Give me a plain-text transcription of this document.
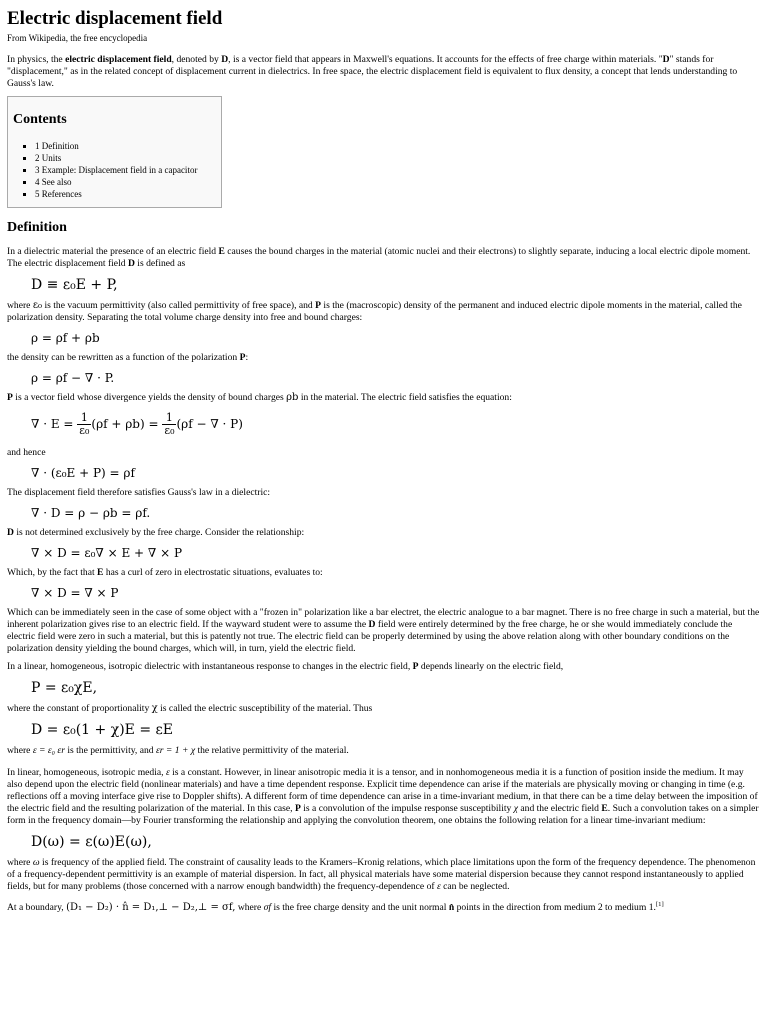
Electric displacement field
From Wikipedia, the free encyclopedia

In physics, the electric displacement field, denoted by D, is a vector field that appears in Maxwell's equations. It accounts for the effects of free charge within materials. "D" stands for "displacement," as in the related concept of displacement current in dielectrics. In free space, the electric displacement field is equivalent to flux density, a concept that lends understanding to Gauss's law.

Contents
▪ 1 Definition
▪ 2 Units
▪ 3 Example: Displacement field in a capacitor
▪ 4 See also
▪ 5 References
Definition

In a dielectric material the presence of an electric field E causes the bound charges in the material (atomic nuclei and their electrons) to slightly separate, inducing a local electric dipole moment. The electric displacement field D is defined as

D ≡ ε₀E + P,

where ε₀ is the vacuum permittivity (also called permittivity of free space), and P is the (macroscopic) density of the permanent and induced electric dipole moments in the material, called the polarization density. Separating the total volume charge density into free and bound charges:

ρ = ρf + ρb

the density can be rewritten as a function of the polarization P:

ρ = ρf − ∇ · P.

P is a vector field whose divergence yields the density of bound charges ρb in the material. The electric field satisfies the equation:

∇ · $E = \frac{1}{\text{ε₀}} (\rho f + \rho b) = \frac{1}{\text{ε₀}} (\rho f$ − ∇ · P)

and hence

∇ · (ε₀E + P) = ρf

The displacement field therefore satisfies Gauss's law in a dielectric:

∇ · D = ρ − ρb = ρf.

D is not determined exclusively by the free charge. Consider the relationship:

∇ × D = ε₀∇ × E + ∇ × P

Which, by the fact that E has a curl of zero in electrostatic situations, evaluates to:

∇ × D = ∇ × P

Which can be immediately seen in the case of some object with a "frozen in" polarization like a bar electret, the electric analogue to a bar magnet. There is no free charge in such a material, but the inherent polarization gives rise to an electric field. If the wayward student were to assume the D field were entirely determined by the free charge, he or she would immediately conclude the electric field were zero in such a material, but this is patently not true. The electric field can be properly determined by using the above relation along with other boundary conditions on the polarization density yielding the bound charges, which will, in turn, yield the electric field.

In a linear, homogeneous, isotropic dielectric with instantaneous response to changes in the electric field, P depends linearly on the electric field,

P = ε₀χE,

where the constant of proportionality χ is called the electric susceptibility of the material. Thus

D = ε₀(1 + χ)E = εE

where ε = ε₀ εr is the permittivity, and εr = 1 + χ the relative permittivity of the material.

In linear, homogeneous, isotropic media, ε is a constant. However, in linear anisotropic media it is a tensor, and in nonhomogeneous media it is a function of position inside the medium. It may also depend upon the electric field (nonlinear materials) and have a time dependent response. Explicit time dependence can arise if the materials are physically moving or changing in time (e.g. reflections off a moving interface give rise to Doppler shifts). A different form of time dependence can arise in a time-invariant medium, in that there can be a time delay between the imposition of the electric field and the resulting polarization of the material. In this case, P is a convolution of the impulse response susceptibility χ and the electric field E. Such a convolution takes on a simpler form in the frequency domain—by Fourier transforming the relationship and applying the convolution theorem, one obtains the following relation for a linear time-invariant medium:

D(ω) = ε(ω)E(ω),

where ω is frequency of the applied field. The constraint of causality leads to the Kramers–Kronig relations, which place limitations upon the form of the frequency dependence. The phenomenon of a frequency-dependent permittivity is an example of material dispersion. In fact, all physical materials have some material dispersion because they cannot respond instantaneously to applied fields, but for many problems (those concerned with a narrow enough bandwidth) the frequency-dependence of ε can be neglected.

At a boundary, (D₁ − D₂) · n̂ = D₁,⊥ − D₂,⊥ = σf, where σf is the free charge density and the unit normal n̂ points in the direction from medium 2 to medium 1.[1]
